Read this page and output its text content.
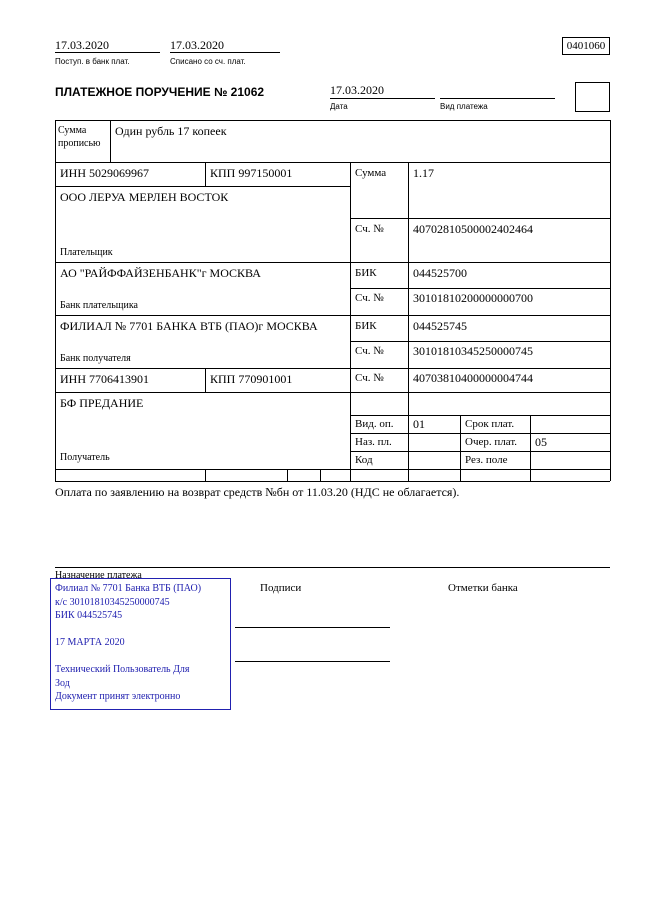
17.03.2020
Поступ. в банк плат.
17.03.2020
Списано со сч. плат.
0401060
ПЛАТЕЖНОЕ ПОРУЧЕНИЕ № 21062	17.03.2020
Дата	Вид платежа
Сумма прописью
Один рубль 17 копеек
ИНН 5029069967	КПП 997150001	Сумма 1.17
ООО ЛЕРУА МЕРЛЕН ВОСТОК
Сч. № 40702810500002402464
Плательщик
АО "РАЙФФАЙЗЕНБАНК"г МОСКВА	БИК	044525700
Сч. № 30101810200000000700
Банк плательщика
ФИЛИАЛ № 7701 БАНКА ВТБ (ПАО)г МОСКВА	БИК	044525745
Сч. № 30101810345250000745
Банк получателя
ИНН 7706413901	КПП 770901001	Сч. № 40703810400000004744
БФ ПРЕДАНИЕ
Вид. оп. 01	Срок плат.
Наз. пл.	Очер. плат. 05
Получатель	Код	Рез. поле
Оплата по заявлению на возврат средств №бн от 11.03.20 (НДС не облагается).
Назначение платежа
Филиал № 7701 Банка ВТБ (ПАО)
к/с 30101810345250000745
БИК 044525745
17 МАРТА 2020
Технический Пользователь Для
Зод
Документ принят электронно
Подписи	Отметки банка
